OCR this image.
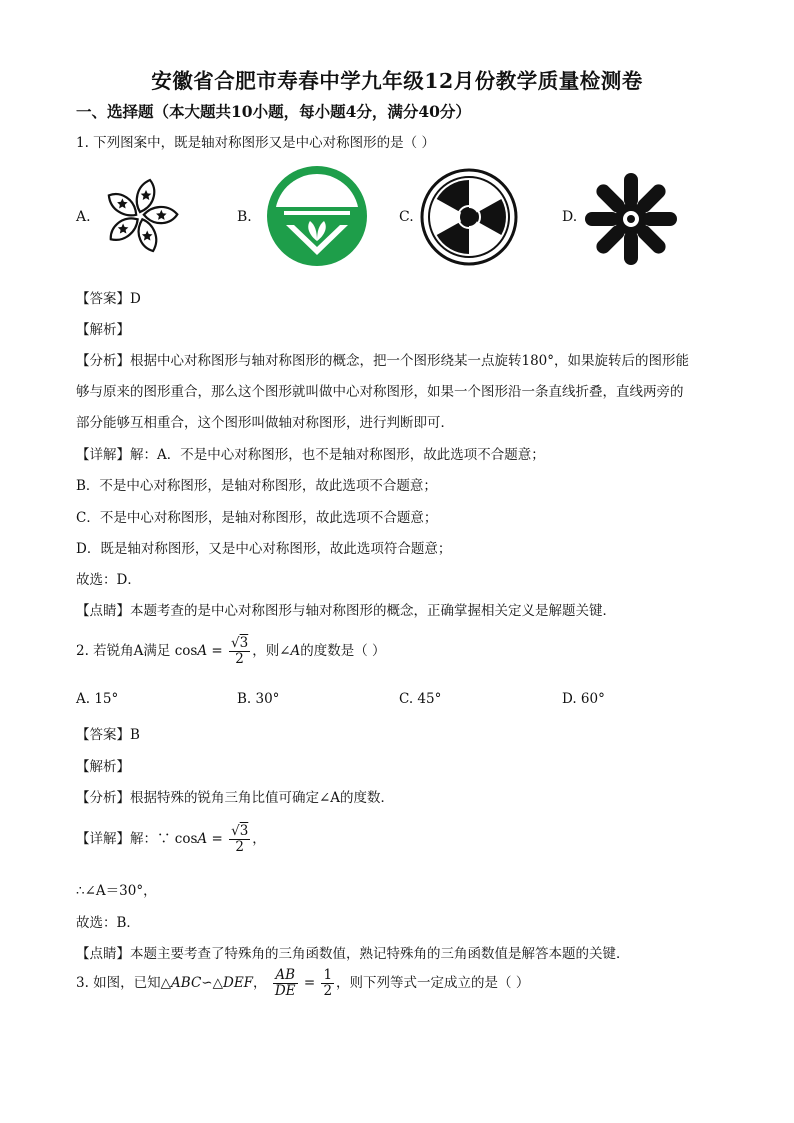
安徽省合肥市寿春中学九年级12月份教学质量检测卷
一、选择题（本大题共10小题，每小题4分，满分40分）
1. 下列图案中，既是轴对称图形又是中心对称图形的是（ ）
A.	B.	C.	D.
【答案】D
【解析】
【分析】根据中心对称图形与轴对称图形的概念，把一个图形绕某一点旋转180°，如果旋转后的图形能
够与原来的图形重合，那么这个图形就叫做中心对称图形，如果一个图形沿一条直线折叠，直线两旁的
部分能够互相重合，这个图形叫做轴对称图形，进行判断即可．
【详解】解：A．不是中心对称图形，也不是轴对称图形，故此选项不合题意；
B．不是中心对称图形，是轴对称图形，故此选项不合题意；
C．不是中心对称图形，是轴对称图形，故此选项不合题意；
D．既是轴对称图形，又是中心对称图形，故此选项符合题意；
故选：D．
【点睛】本题考查的是中心对称图形与轴对称图形的概念，正确掌握相关定义是解题关键．
2. 若锐角A满足 $\cos A = \frac{√3}{2}$ ，则∠A的度数是（ ）
A. 15°	B. 30°	C. 45°	D. 60°
【答案】B
【解析】
【分析】根据特殊的锐角三角比值可确定∠A的度数．
【详解】解：∵ $\cos A = \frac{√3}{2}$ ，
∴∠A＝30°，
故选：B．
【点睛】本题主要考查了特殊角的三角函数值，熟记特殊角的三角函数值是解答本题的关键．
3. 如图，已知△ABC∽△DEF， $\frac{AB}{DE} = \frac{1}{2}$ ，则下列等式一定成立的是（ ）
